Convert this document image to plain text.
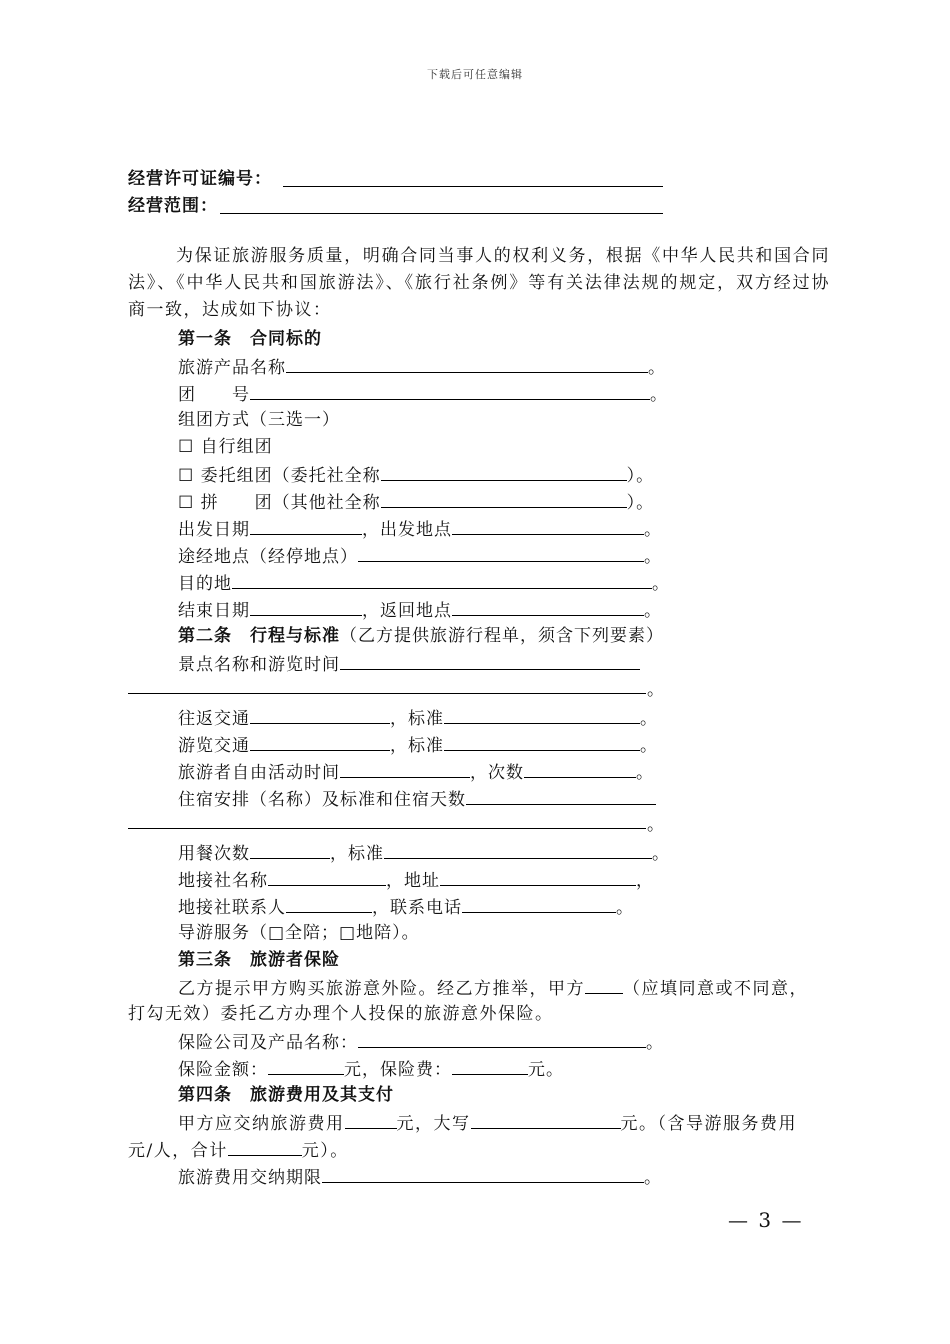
下载后可任意编辑
经营许可证编号：
经营范围：
为保证旅游服务质量，明确合同当事人的权利义务，根据《中华人民共和国合同法》、《中华人民共和国旅游法》、《旅行社条例》等有关法律法规的规定，双方经过协商一致，达成如下协议：
第一条　合同标的
旅游产品名称	。
团　　号	。
组团方式（三选一）
☐ 自行组团
☐ 委托组团（委托社全称	）。
☐ 拼　　团（其他社全称	）。
出发日期	，出发地点	。
途经地点（经停地点）	。
目的地	。
结束日期	，返回地点	。
第二条　行程与标准（乙方提供旅游行程单，须含下列要素）
景点名称和游览时间
。
往返交通	，标准	。
游览交通	，标准	。
旅游者自由活动时间	，次数	。
住宿安排（名称）及标准和住宿天数
。
用餐次数	，标准	。
地接社名称	，地址	，
地接社联系人	，联系电话	。
导游服务（□全陪；□地陪）。
第三条　旅游者保险
乙方提示甲方购买旅游意外险。经乙方推举，甲方 （应填同意或不同意，
打勾无效）委托乙方办理个人投保的旅游意外保险。
保险公司及产品名称：	。
保险金额：	元，保险费：	元。
第四条　旅游费用及其支付
甲方应交纳旅游费用	元，大写	元。（含导游服务费用
元/人，合计	元）。
旅游费用交纳期限	。
— 3 —
